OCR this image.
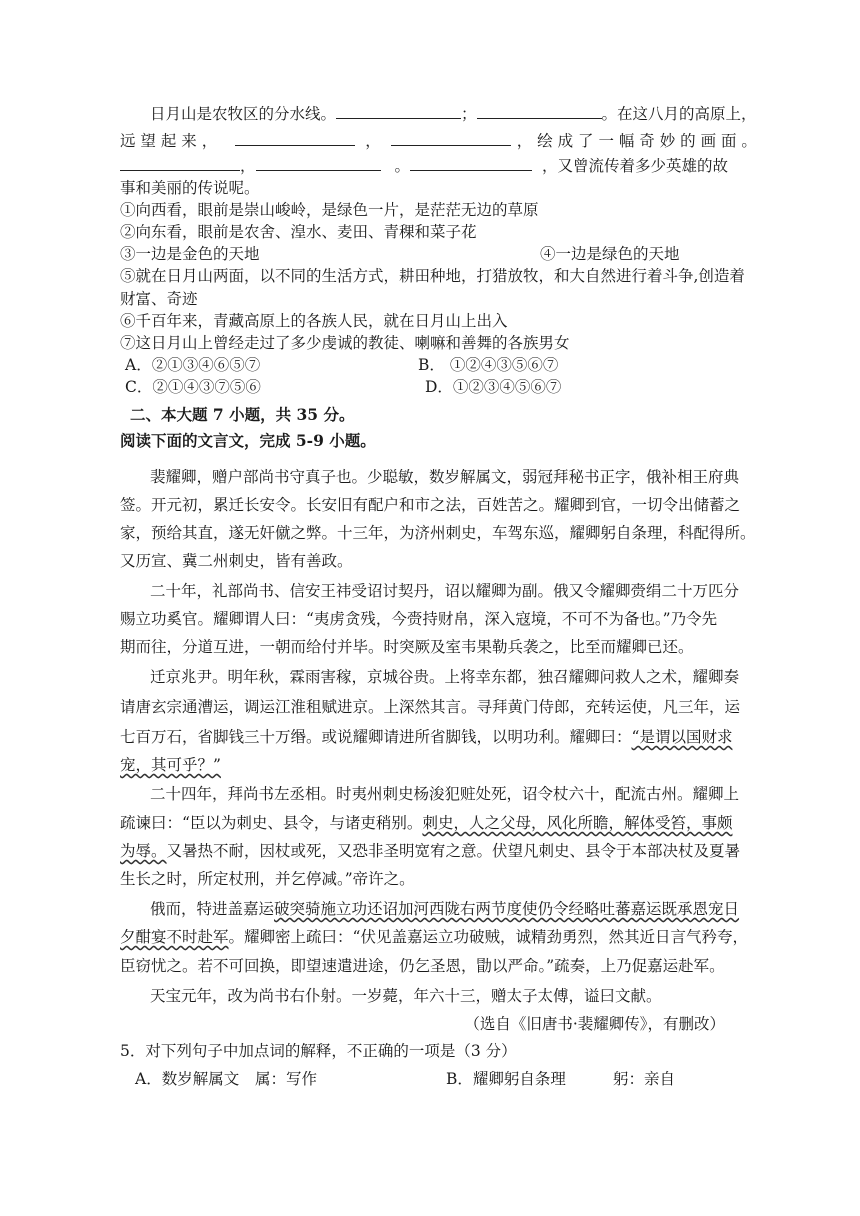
日月山是农牧区的分水线。	；	。在这八月的高原上，
远 望 起 来 ，	，	， 绘 成 了 一 幅 奇 妙 的 画 面 。
，	。	，又曾流传着多少英雄的故
事和美丽的传说呢。
①向西看，眼前是崇山峻岭，是绿色一片，是茫茫无边的草原
②向东看，眼前是农舍、湟水、麦田、青稞和菜子花
③一边是金色的天地	④一边是绿色的天地
⑤就在日月山两面，以不同的生活方式，耕田种地，打猎放牧，和大自然进行着斗争,创造着
财富、奇迹
⑥千百年来，青藏高原上的各族人民，就在日月山上出入
⑦这日月山上曾经走过了多少虔诚的教徒、喇嘛和善舞的各族男女
A．②①③④⑥⑤⑦	B． ①②④③⑤⑥⑦
C．②①④③⑦⑤⑥	D．①②③④⑤⑥⑦
二、本大题 7 小题，共 35 分。
阅读下面的文言文，完成 5-9 小题。
裴耀卿，赠户部尚书守真子也。少聪敏，数岁解属文，弱冠拜秘书正字，俄补相王府典
签。开元初，累迁长安令。长安旧有配户和市之法，百姓苦之。耀卿到官，一切令出储蓄之
家，预给其直，遂无奸僦之弊。十三年，为济州刺史，车驾东巡，耀卿躬自条理，科配得所。
又历宣、冀二州刺史，皆有善政。
二十年，礼部尚书、信安王祎受诏讨契丹，诏以耀卿为副。俄又令耀卿赍绢二十万匹分
赐立功奚官。耀卿谓人曰：“夷虏贪残，今赍持财帛，深入寇境，不可不为备也。”乃令先
期而往，分道互进，一朝而给付并毕。时突厥及室韦果勒兵袭之，比至而耀卿已还。
迁京兆尹。明年秋，霖雨害稼，京城谷贵。上将幸东都，独召耀卿问救人之术，耀卿奏
请唐玄宗通漕运，调运江淮租赋进京。上深然其言。寻拜黄门侍郎，充转运使，凡三年，运
七百万石，省脚钱三十万缗。或说耀卿请进所省脚钱，以明功利。耀卿曰：“是谓以国财求
宠，其可乎？”
二十四年，拜尚书左丞相。时夷州刺史杨浚犯赃处死，诏令杖六十，配流古州。耀卿上
疏谏曰：“臣以为刺史、县令，与诸吏稍别。刺史，人之父母，风化所瞻，解体受笞，事颇
为辱。又暑热不耐，因杖或死，又恐非圣明宽宥之意。伏望凡刺史、县令于本部决杖及夏暑
生长之时，所定杖刑，并乞停减。”帝许之。
俄而，特进盖嘉运破突骑施立功还诏加河西陇右两节度使仍令经略吐蕃嘉运既承恩宠日
夕酣宴不时赴军。耀卿密上疏曰：“伏见盖嘉运立功破贼，诚精劲勇烈，然其近日言气矜夸，
臣窃忧之。若不可回换，即望速遣进途，仍乞圣恩，勖以严命。”疏奏，上乃促嘉运赴军。
天宝元年，改为尚书右仆射。一岁薨，年六十三，赠太子太傅，谥曰文献。
（选自《旧唐书·裴耀卿传》，有删改）
5．对下列句子中加点词的解释，不正确的一项是（3 分）
A．数岁解属文 属：写作	B．耀卿躬自条理	躬：亲自
